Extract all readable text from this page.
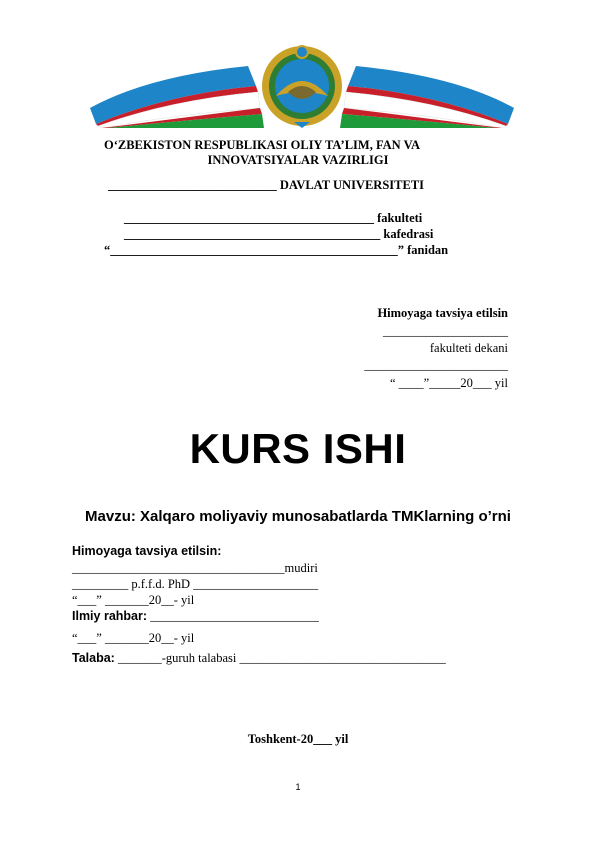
O‘ZBEKISTON RESPUBLIKASI OLIY TA’LIM, FAN VA
INNOVATSIYALAR VAZIRLIGI
___________________________ DAVLAT UNIVERSITETI
________________________________________ fakulteti
_________________________________________ kafedrasi
“______________________________________________” fanidan
Himoyaga tavsiya etilsin
____________________
fakulteti dekani
_______________________
“ ____”_____20___ yil
KURS ISHI
Mavzu: Xalqaro moliyaviy munosabatlarda TMKlarning o’rni
Himoyaga tavsiya etilsin:
__________________________________mudiri
_________ p.f.f.d. PhD ____________________
“___” _______20__- yil
Ilmiy rahbar: ___________________________
“___” _______20__- yil
Talaba: _______-guruh talabasi _________________________________
Toshkent-20___ yil
1
